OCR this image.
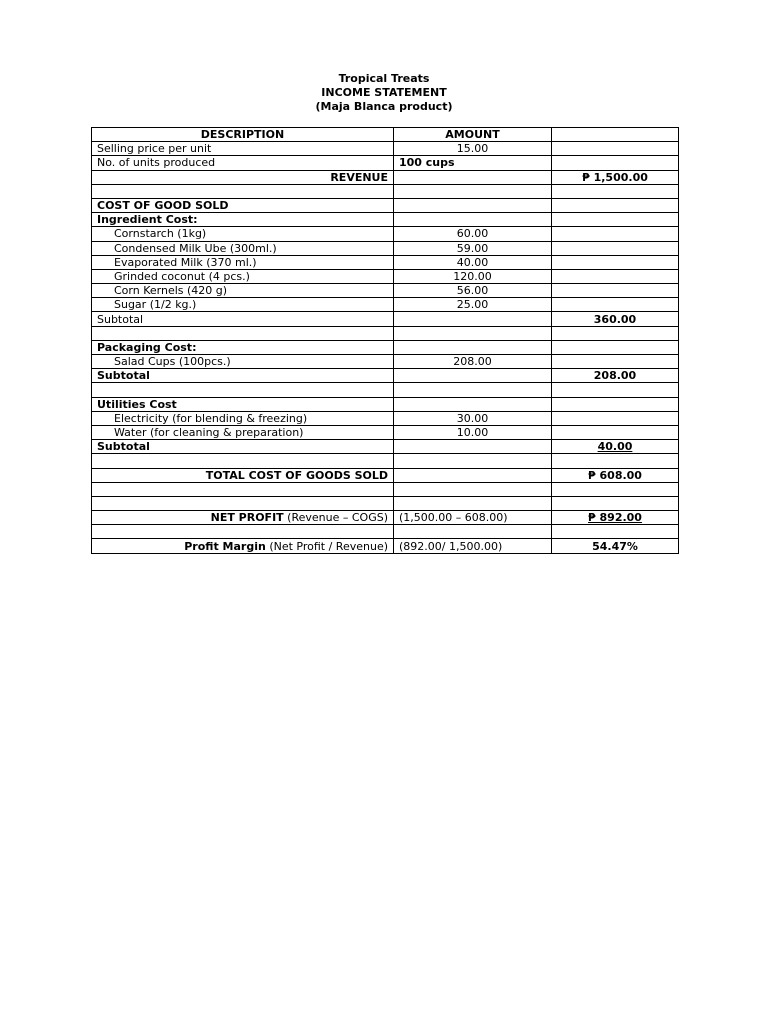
Tropical Treats
INCOME STATEMENT
(Maja Blanca product)
DESCRIPTION	AMOUNT	
Selling price per unit	15.00	
No. of units produced	100 cups	
REVENUE		₱ 1,500.00

COST OF GOOD SOLD		
Ingredient Cost:		
Cornstarch (1kg)	60.00	
Condensed Milk Ube (300ml.)	59.00	
Evaporated Milk (370 ml.)	40.00	
Grinded coconut (4 pcs.)	120.00	
Corn Kernels (420 g)	56.00	
Sugar (1/2 kg.)	25.00	
Subtotal		360.00

Packaging Cost:		
Salad Cups (100pcs.)	208.00	
Subtotal		208.00

Utilities Cost		
Electricity (for blending & freezing)	30.00	
Water (for cleaning & preparation)	10.00	
Subtotal		40.00

TOTAL COST OF GOODS SOLD		₱ 608.00

NET PROFIT (Revenue – COGS)	(1,500.00 – 608.00)	₱ 892.00

Profit Margin (Net Profit / Revenue)	(892.00/ 1,500.00)	54.47%
